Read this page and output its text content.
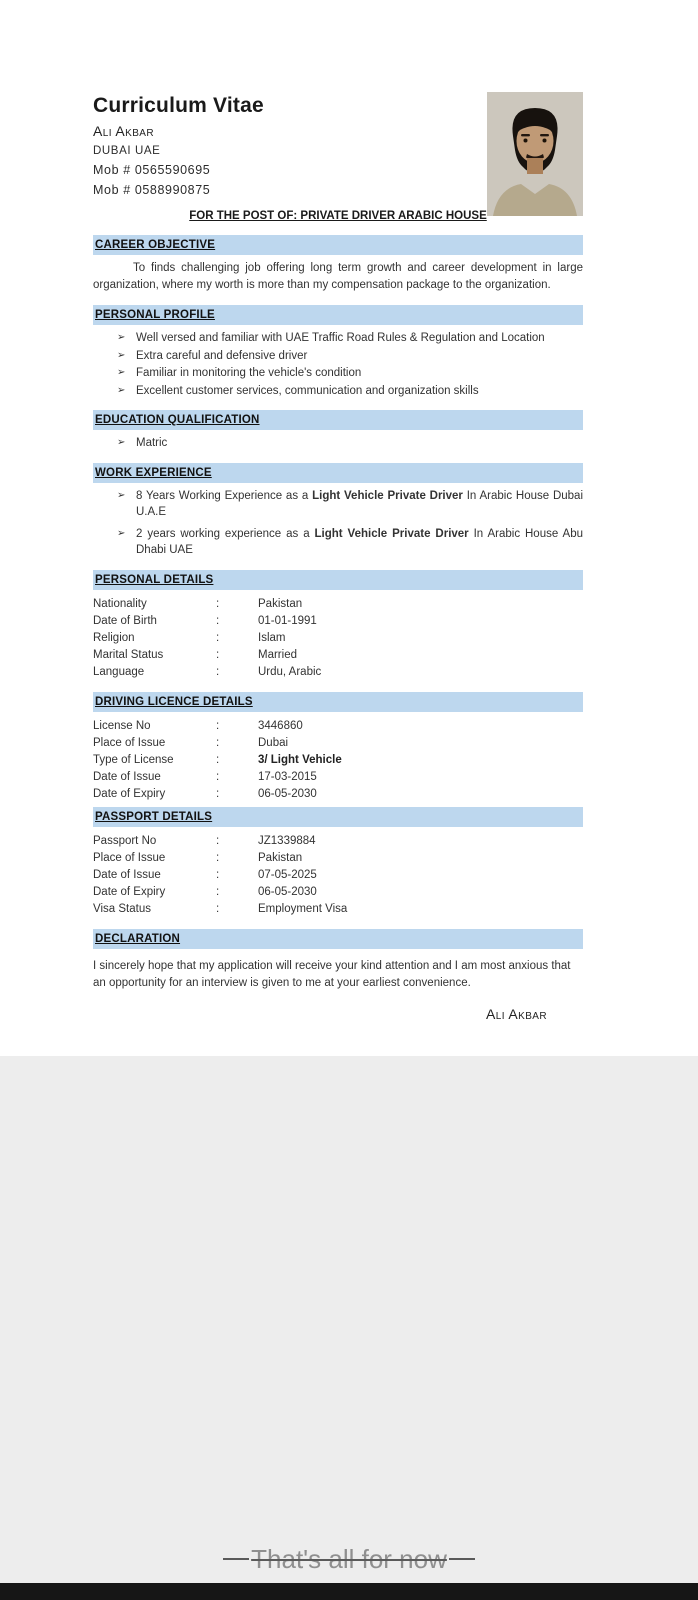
Curriculum Vitae
Ali Akbar
DUBAI UAE
Mob # 0565590695
Mob # 0588990875
FOR THE POST OF: PRIVATE DRIVER ARABIC HOUSE
CAREER OBJECTIVE

To finds challenging job offering long term growth and career development in large organization, where my worth is more than my compensation package to the organization.

PERSONAL PROFILE
➢ Well versed and familiar with UAE Traffic Road Rules & Regulation and Location
➢ Extra careful and defensive driver
➢ Familiar in monitoring the vehicle's condition
➢ Excellent customer services, communication and organization skills
EDUCATION QUALIFICATION
➢ Matric
WORK EXPERIENCE
➢ 8 Years Working Experience as a Light Vehicle Private Driver In Arabic House Dubai U.A.E
➢ 2 years working experience as a Light Vehicle Private Driver In Arabic House Abu Dhabi UAE
PERSONAL DETAILS
Nationality	:	Pakistan
Date of Birth	:	01-01-1991
Religion	:	Islam
Marital Status	:	Married
Language	:	Urdu, Arabic
DRIVING LICENCE DETAILS
License No	:	3446860
Place of Issue	:	Dubai
Type of License	:	3/ Light Vehicle
Date of Issue	:	17-03-2015
Date of Expiry	:	06-05-2030
PASSPORT DETAILS
Passport No	:	JZ1339884
Place of Issue	:	Pakistan
Date of Issue	:	07-05-2025
Date of Expiry	:	06-05-2030
Visa Status	:	Employment Visa
DECLARATION

I sincerely hope that my application will receive your kind attention and I am most anxious that an opportunity for an interview is given to me at your earliest convenience.

Ali Akbar
That's all for now
